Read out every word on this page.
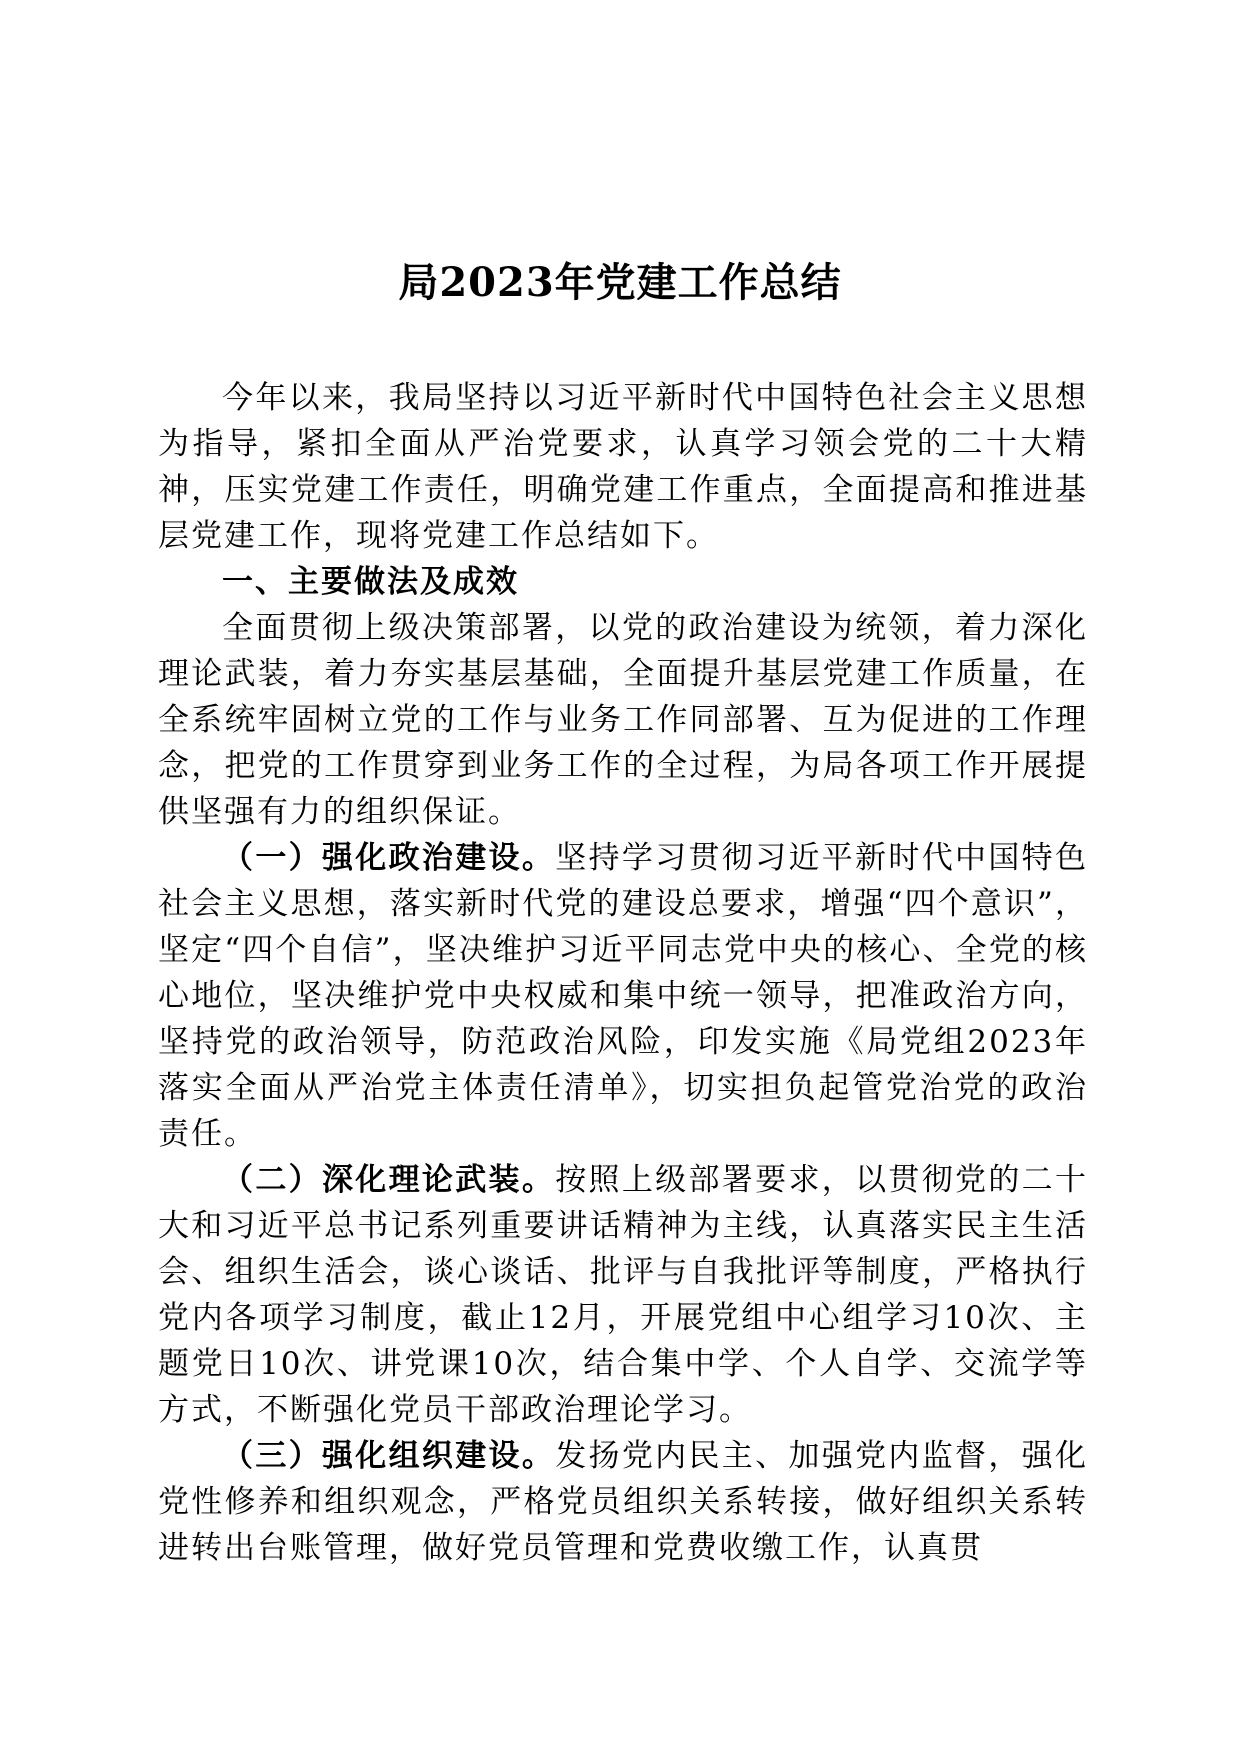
局2023年党建工作总结

今年以来，我局坚持以习近平新时代中国特色社会主义思想为指导，紧扣全面从严治党要求，认真学习领会党的二十大精神，压实党建工作责任，明确党建工作重点，全面提高和推进基层党建工作，现将党建工作总结如下。

一、主要做法及成效

全面贯彻上级决策部署，以党的政治建设为统领，着力深化理论武装，着力夯实基层基础，全面提升基层党建工作质量，在全系统牢固树立党的工作与业务工作同部署、互为促进的工作理念，把党的工作贯穿到业务工作的全过程，为局各项工作开展提供坚强有力的组织保证。

（一）强化政治建设。坚持学习贯彻习近平新时代中国特色社会主义思想，落实新时代党的建设总要求，增强“四个意识”，坚定“四个自信”，坚决维护习近平同志党中央的核心、全党的核心地位，坚决维护党中央权威和集中统一领导，把准政治方向，坚持党的政治领导，防范政治风险，印发实施《局党组2023年落实全面从严治党主体责任清单》，切实担负起管党治党的政治责任。

（二）深化理论武装。按照上级部署要求，以贯彻党的二十大和习近平总书记系列重要讲话精神为主线，认真落实民主生活会、组织生活会，谈心谈话、批评与自我批评等制度，严格执行党内各项学习制度，截止12月，开展党组中心组学习10次、主题党日10次、讲党课10次，结合集中学、个人自学、交流学等方式，不断强化党员干部政治理论学习。

（三）强化组织建设。发扬党内民主、加强党内监督，强化党性修养和组织观念，严格党员组织关系转接，做好组织关系转进转出台账管理，做好党员管理和党费收缴工作，认真贯
